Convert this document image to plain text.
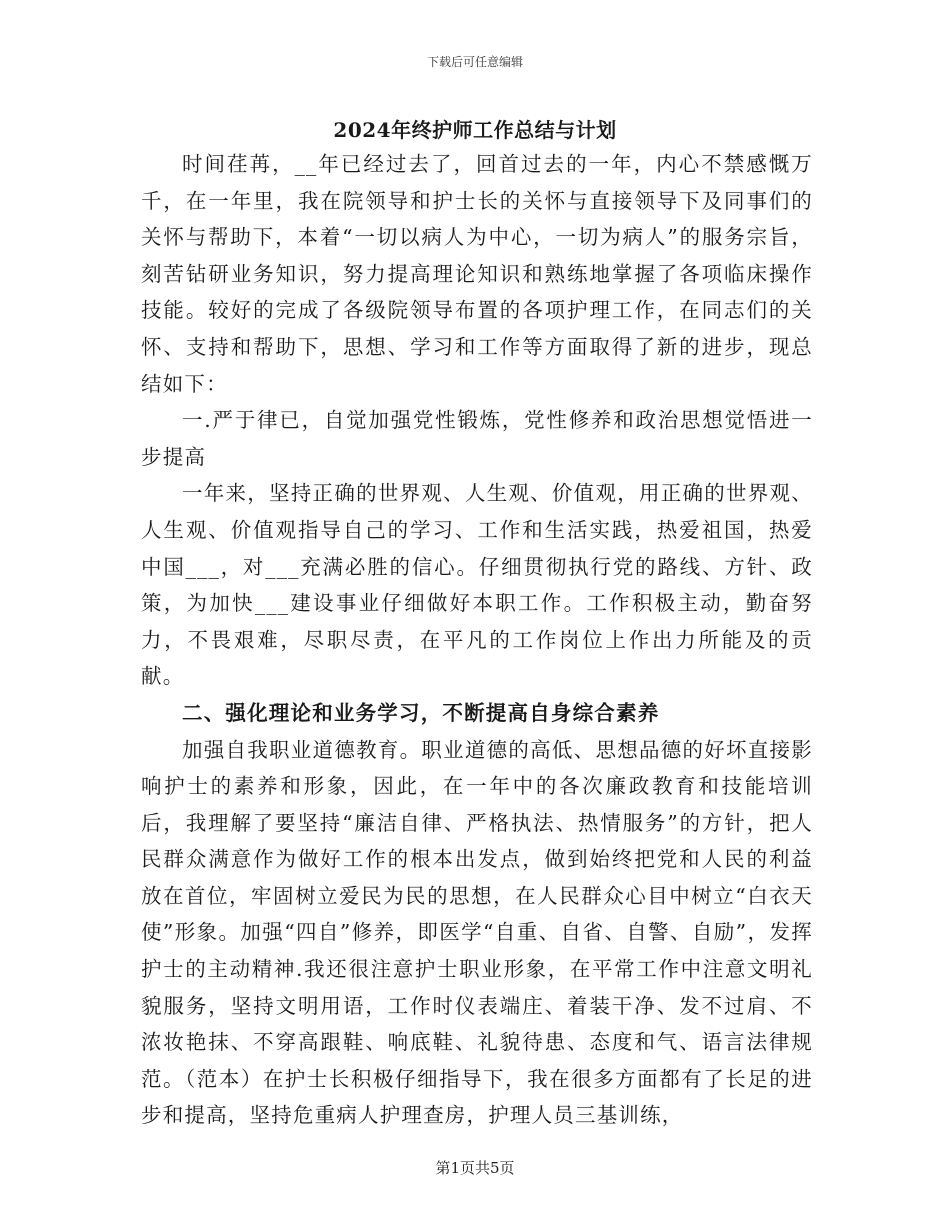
下载后可任意编辑
2024年终护师工作总结与计划

时间荏苒，__年已经过去了，回首过去的一年，内心不禁感慨万千，在一年里，我在院领导和护士长的关怀与直接领导下及同事们的关怀与帮助下，本着“一切以病人为中心，一切为病人”的服务宗旨，刻苦钻研业务知识，努力提高理论知识和熟练地掌握了各项临床操作技能。较好的完成了各级院领导布置的各项护理工作，在同志们的关怀、支持和帮助下，思想、学习和工作等方面取得了新的进步，现总结如下：

一.严于律已，自觉加强党性锻炼，党性修养和政治思想觉悟进一步提高

一年来，坚持正确的世界观、人生观、价值观，用正确的世界观、人生观、价值观指导自己的学习、工作和生活实践，热爱祖国，热爱中国___，对___充满必胜的信心。仔细贯彻执行党的路线、方针、政策，为加快___建设事业仔细做好本职工作。工作积极主动，勤奋努力，不畏艰难，尽职尽责，在平凡的工作岗位上作出力所能及的贡献。

二、强化理论和业务学习，不断提高自身综合素养

加强自我职业道德教育。职业道德的高低、思想品德的好坏直接影响护士的素养和形象，因此，在一年中的各次廉政教育和技能培训后，我理解了要坚持“廉洁自律、严格执法、热情服务”的方针，把人民群众满意作为做好工作的根本出发点，做到始终把党和人民的利益放在首位，牢固树立爱民为民的思想，在人民群众心目中树立“白衣天使”形象。加强“四自”修养，即医学“自重、自省、自警、自励”，发挥护士的主动精神.我还很注意护士职业形象，在平常工作中注意文明礼貌服务，坚持文明用语，工作时仪表端庄、着装干净、发不过肩、不浓妆艳抹、不穿高跟鞋、响底鞋、礼貌待患、态度和气、语言法律规范。（范本）在护士长积极仔细指导下，我在很多方面都有了长足的进步和提高，坚持危重病人护理查房，护理人员三基训练，

第1页共5页
